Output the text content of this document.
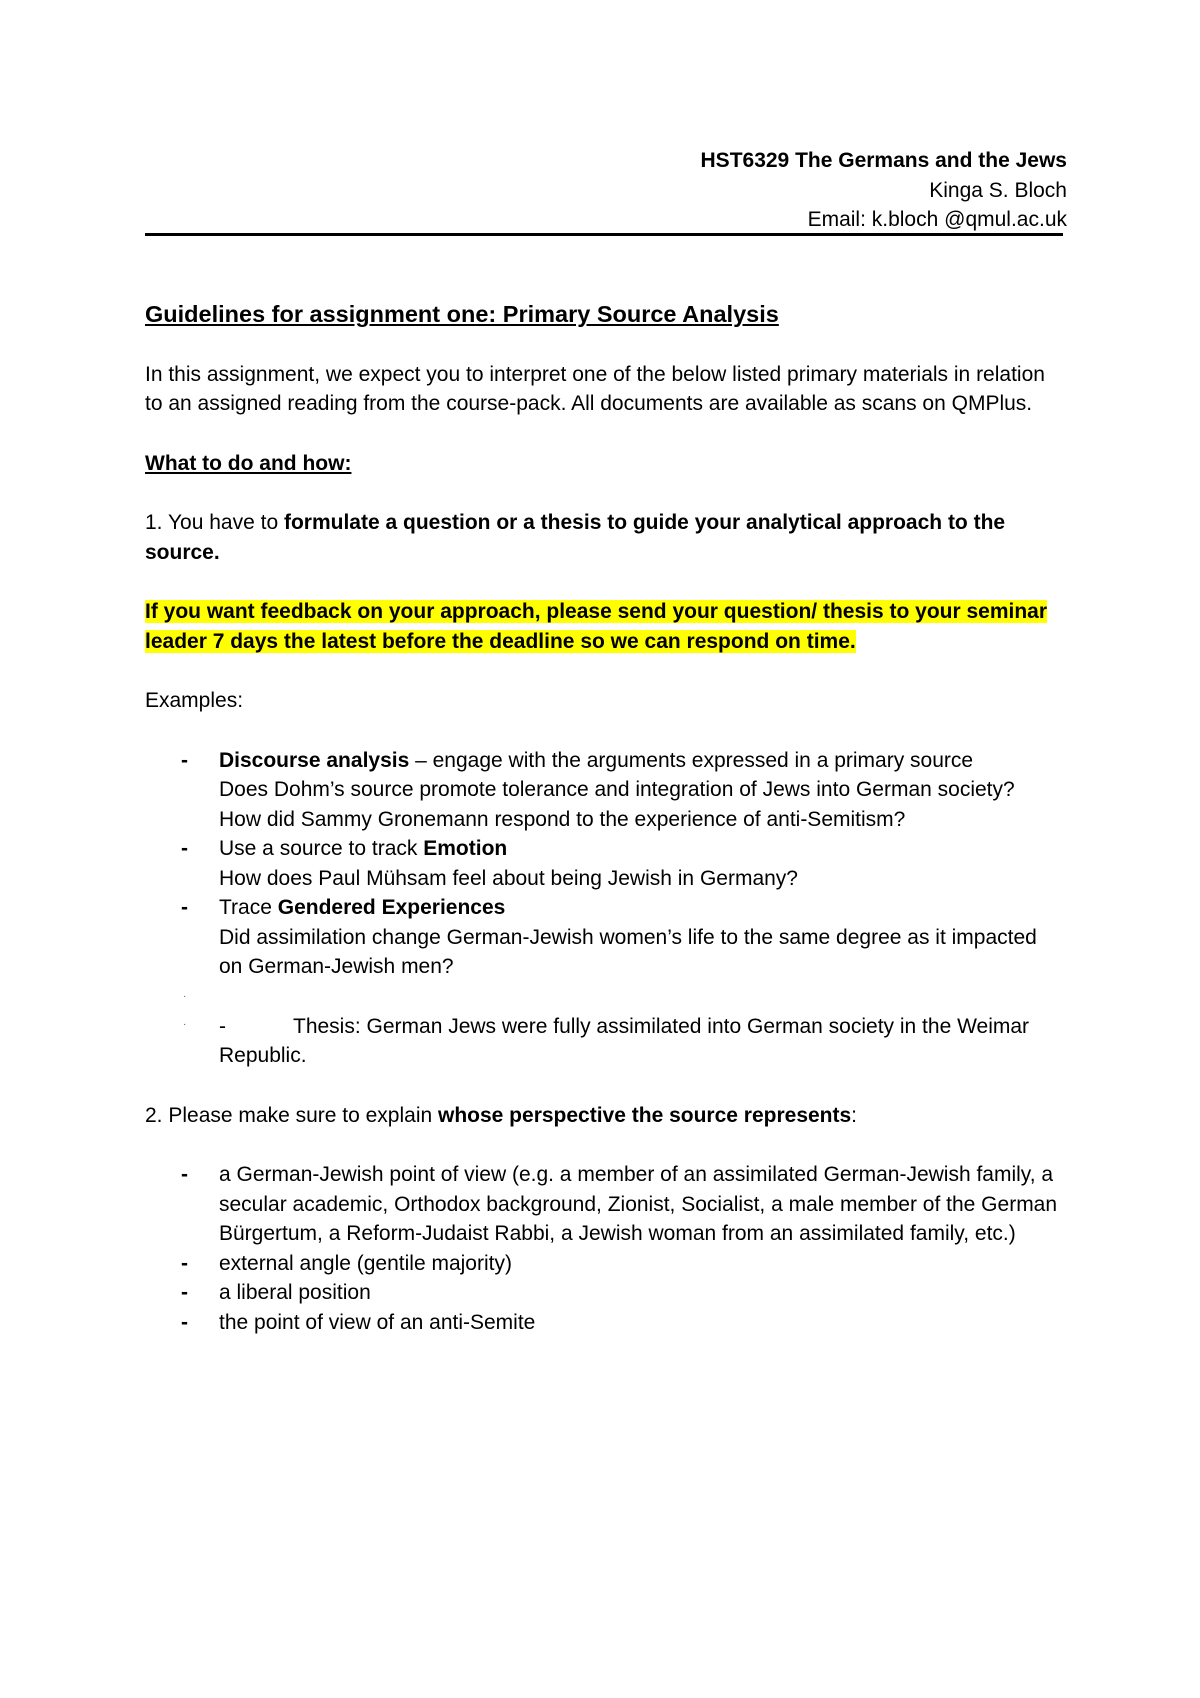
HST6329 The Germans and the Jews
Kinga S. Bloch
Email: k.bloch @qmul.ac.uk
Guidelines for assignment one: Primary Source Analysis

In this assignment, we expect you to interpret one of the below listed primary materials in relation to an assigned reading from the course-pack. All documents are available as scans on QMPlus.

What to do and how:

1. You have to formulate a question or a thesis to guide your analytical approach to the source.

If you want feedback on your approach, please send your question/ thesis to your seminar leader 7 days the latest before the deadline so we can respond on time.

Examples:

- Discourse analysis – engage with the arguments expressed in a primary source
Does Dohm’s source promote tolerance and integration of Jews into German society?
How did Sammy Gronemann respond to the experience of anti-Semitism?
- Use a source to track Emotion
How does Paul Mühsam feel about being Jewish in Germany?
- Trace Gendered Experiences
Did assimilation change German-Jewish women’s life to the same degree as it impacted on German-Jewish men?
·
· -	Thesis: German Jews were fully assimilated into German society in the Weimar Republic.

2. Please make sure to explain whose perspective the source represents:

- a German-Jewish point of view (e.g. a member of an assimilated German-Jewish family, a secular academic, Orthodox background, Zionist, Socialist, a male member of the German Bürgertum, a Reform-Judaist Rabbi, a Jewish woman from an assimilated family, etc.)
- external angle (gentile majority)
- a liberal position
- the point of view of an anti-Semite
